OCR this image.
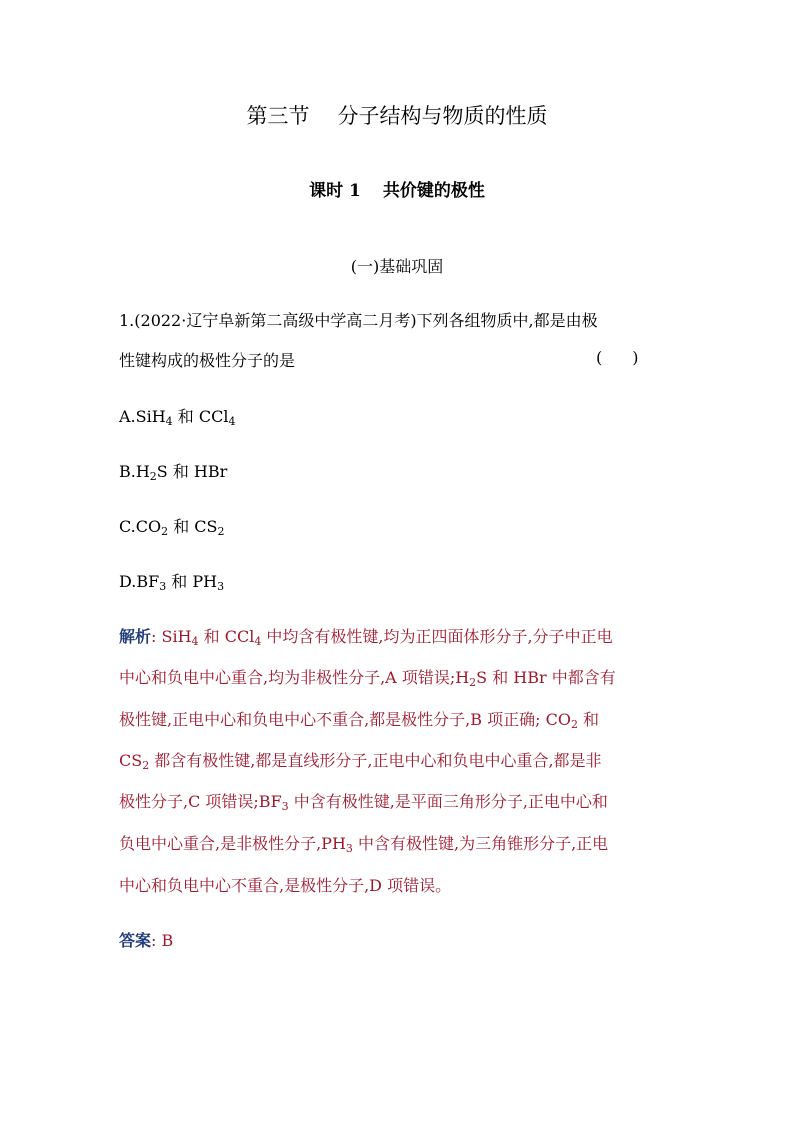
第三节 分子结构与物质的性质
课时 1 共价键的极性
(一)基础巩固
1.(2022·辽宁阜新第二高级中学高二月考)下列各组物质中,都是由极
性键构成的极性分子的是	( )
A.SiH$_4$ 和 CCl$_4$
$B.H_2S$ 和 HBr
$C.CO_2$ 和 $CS_2$
$D.BF_3$ 和 $PH_3$
解析: SiH$_4$ 和 CCl$_4$ 中均含有极性键,均为正四面体形分子,分子中正电
中心和负电中心重合,均为非极性分子,A 项错误$;H_2S$ 和 HBr 中都含有
极性键,正电中心和负电中心不重合,都是极性分子,B 项正确; $CO_2$ 和
$CS_2$ 都含有极性键,都是直线形分子,正电中心和负电中心重合,都是非
极性分子,C 项错误$;BF_3$ 中含有极性键,是平面三角形分子,正电中心和
负电中心重合,是非极性分子$,PH_3$ 中含有极性键,为三角锥形分子,正电
中心和负电中心不重合,是极性分子,D 项错误。
答案: B
